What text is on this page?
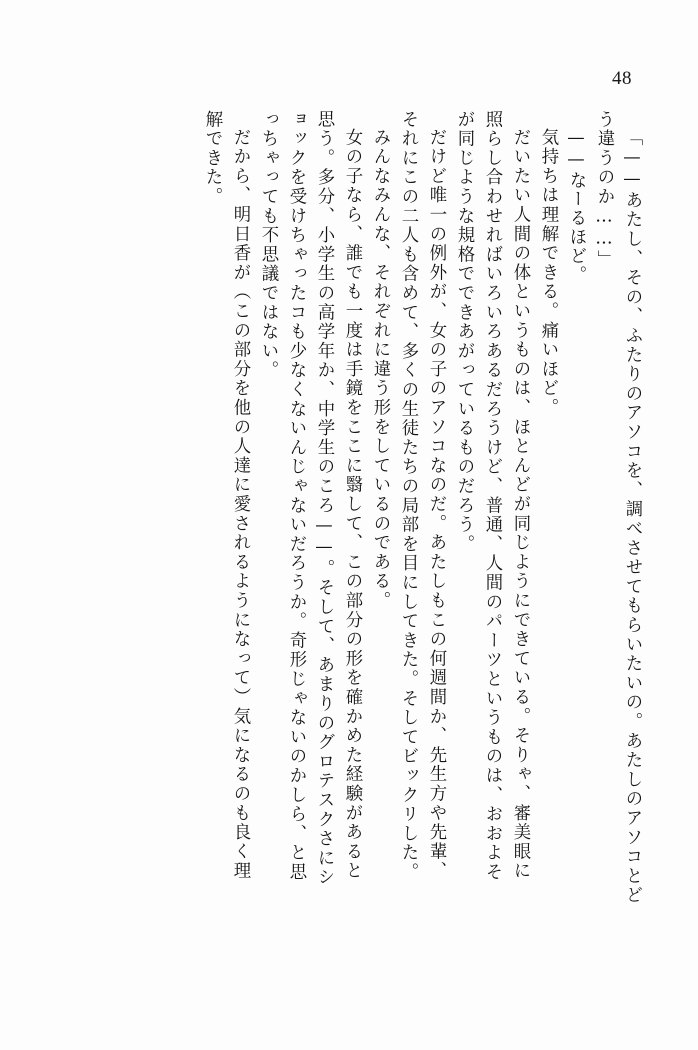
48
「——あたし、その、ふたりのアソコを、調べさせてもらいたいの。あたしのアソコとど
う違うのか……」
——なーるほど。
気持ちは理解できる。痛いほど。
だいたい人間の体というものは、ほとんどが同じようにできている。そりゃ、審美眼に
照らし合わせればいろいろあるだろうけど、普通、人間のパーツというものは、おおよそ
が同じような規格でできあがっているものだろう。
だけど唯一の例外が、女の子のアソコなのだ。あたしもこの何週間か、先生方や先輩、
それにこの二人も含めて、多くの生徒たちの局部を目にしてきた。そしてビックリした。
みんなみんな、それぞれに違う形をしているのである。
女の子なら、誰でも一度は手鏡をここに翳して、この部分の形を確かめた経験があると
思う。多分、小学生の高学年か、中学生のころ——。そして、あまりのグロテスクさにシ
ョックを受けちゃったコも少なくないんじゃないだろうか。奇形じゃないのかしら、と思
っちゃっても不思議ではない。
だから、明日香が（この部分を他の人達に愛されるようになって）気になるのも良く理
解できた。
